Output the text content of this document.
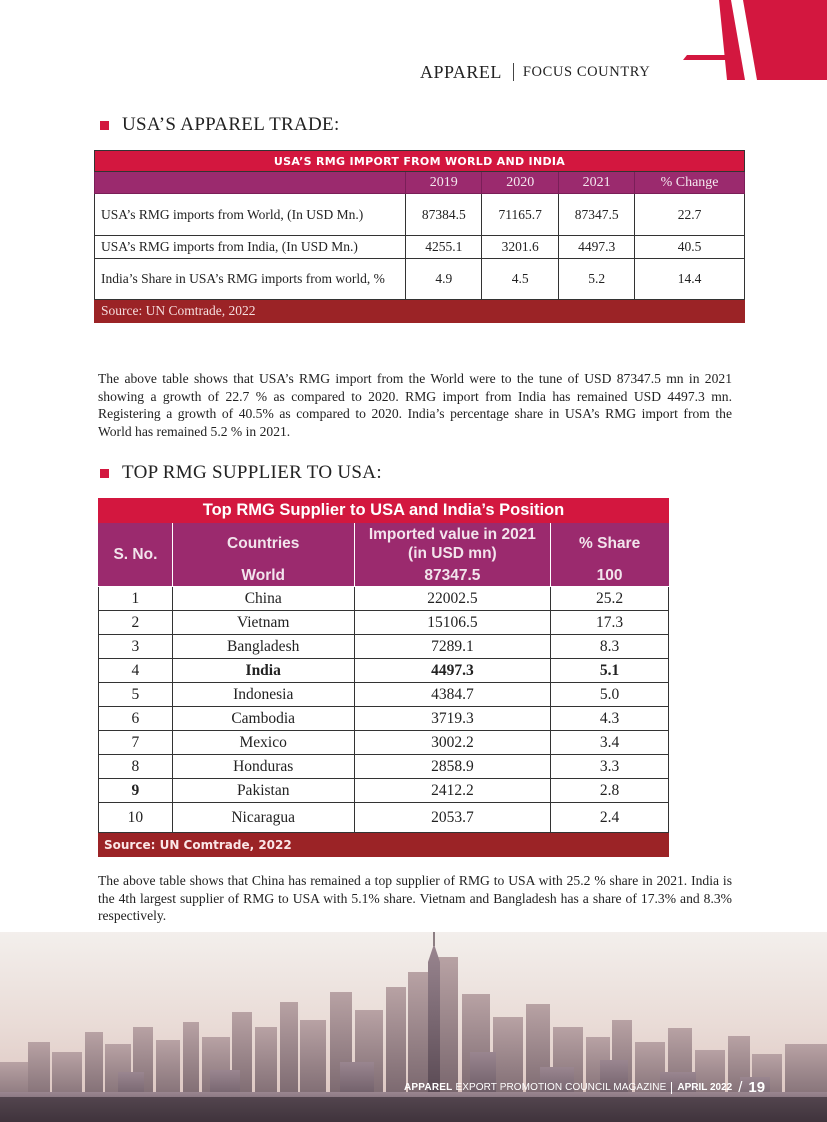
APPAREL FOCUS COUNTRY
USA’S APPAREL TRADE:
USA’S RMG IMPORT FROM WORLD AND INDIA				
	2019	2020	2021	% Change
USA’s RMG imports from World, (In USD Mn.)	87384.5	71165.7	87347.5	22.7
USA’s RMG imports from India, (In USD Mn.)	4255.1	3201.6	4497.3	40.5
India’s Share in USA’s RMG imports from world, %	4.9	4.5	5.2	14.4
Source: UN Comtrade, 2022				

The above table shows that USA’s RMG import from the World were to the tune of USD 87347.5 mn in 2021 showing a growth of 22.7 % as compared to 2020. RMG import from India has remained USD 4497.3 mn. Registering a growth of 40.5% as compared to 2020. India’s percentage share in USA’s RMG import from the World has remained 5.2 % in 2021.

TOP RMG SUPPLIER TO USA:
Top RMG Supplier to USA and India’s Position			
S. No.	Countries	Imported value in 2021 (in USD mn)	% Share
	World	87347.5	100
1	China	22002.5	25.2
2	Vietnam	15106.5	17.3
3	Bangladesh	7289.1	8.3
4	India	4497.3	5.1
5	Indonesia	4384.7	5.0
6	Cambodia	3719.3	4.3
7	Mexico	3002.2	3.4
8	Honduras	2858.9	3.3
9	Pakistan	2412.2	2.8
10	Nicaragua	2053.7	2.4
Source: UN Comtrade, 2022			

The above table shows that China has remained a top supplier of RMG to USA with 25.2 % share in 2021. India is the 4th largest supplier of RMG to USA with 5.1% share. Vietnam and Bangladesh has a share of 17.3% and 8.3% respectively.

APPAREL EXPORT PROMOTION COUNCIL MAGAZINE APRIL 2022 / 19
